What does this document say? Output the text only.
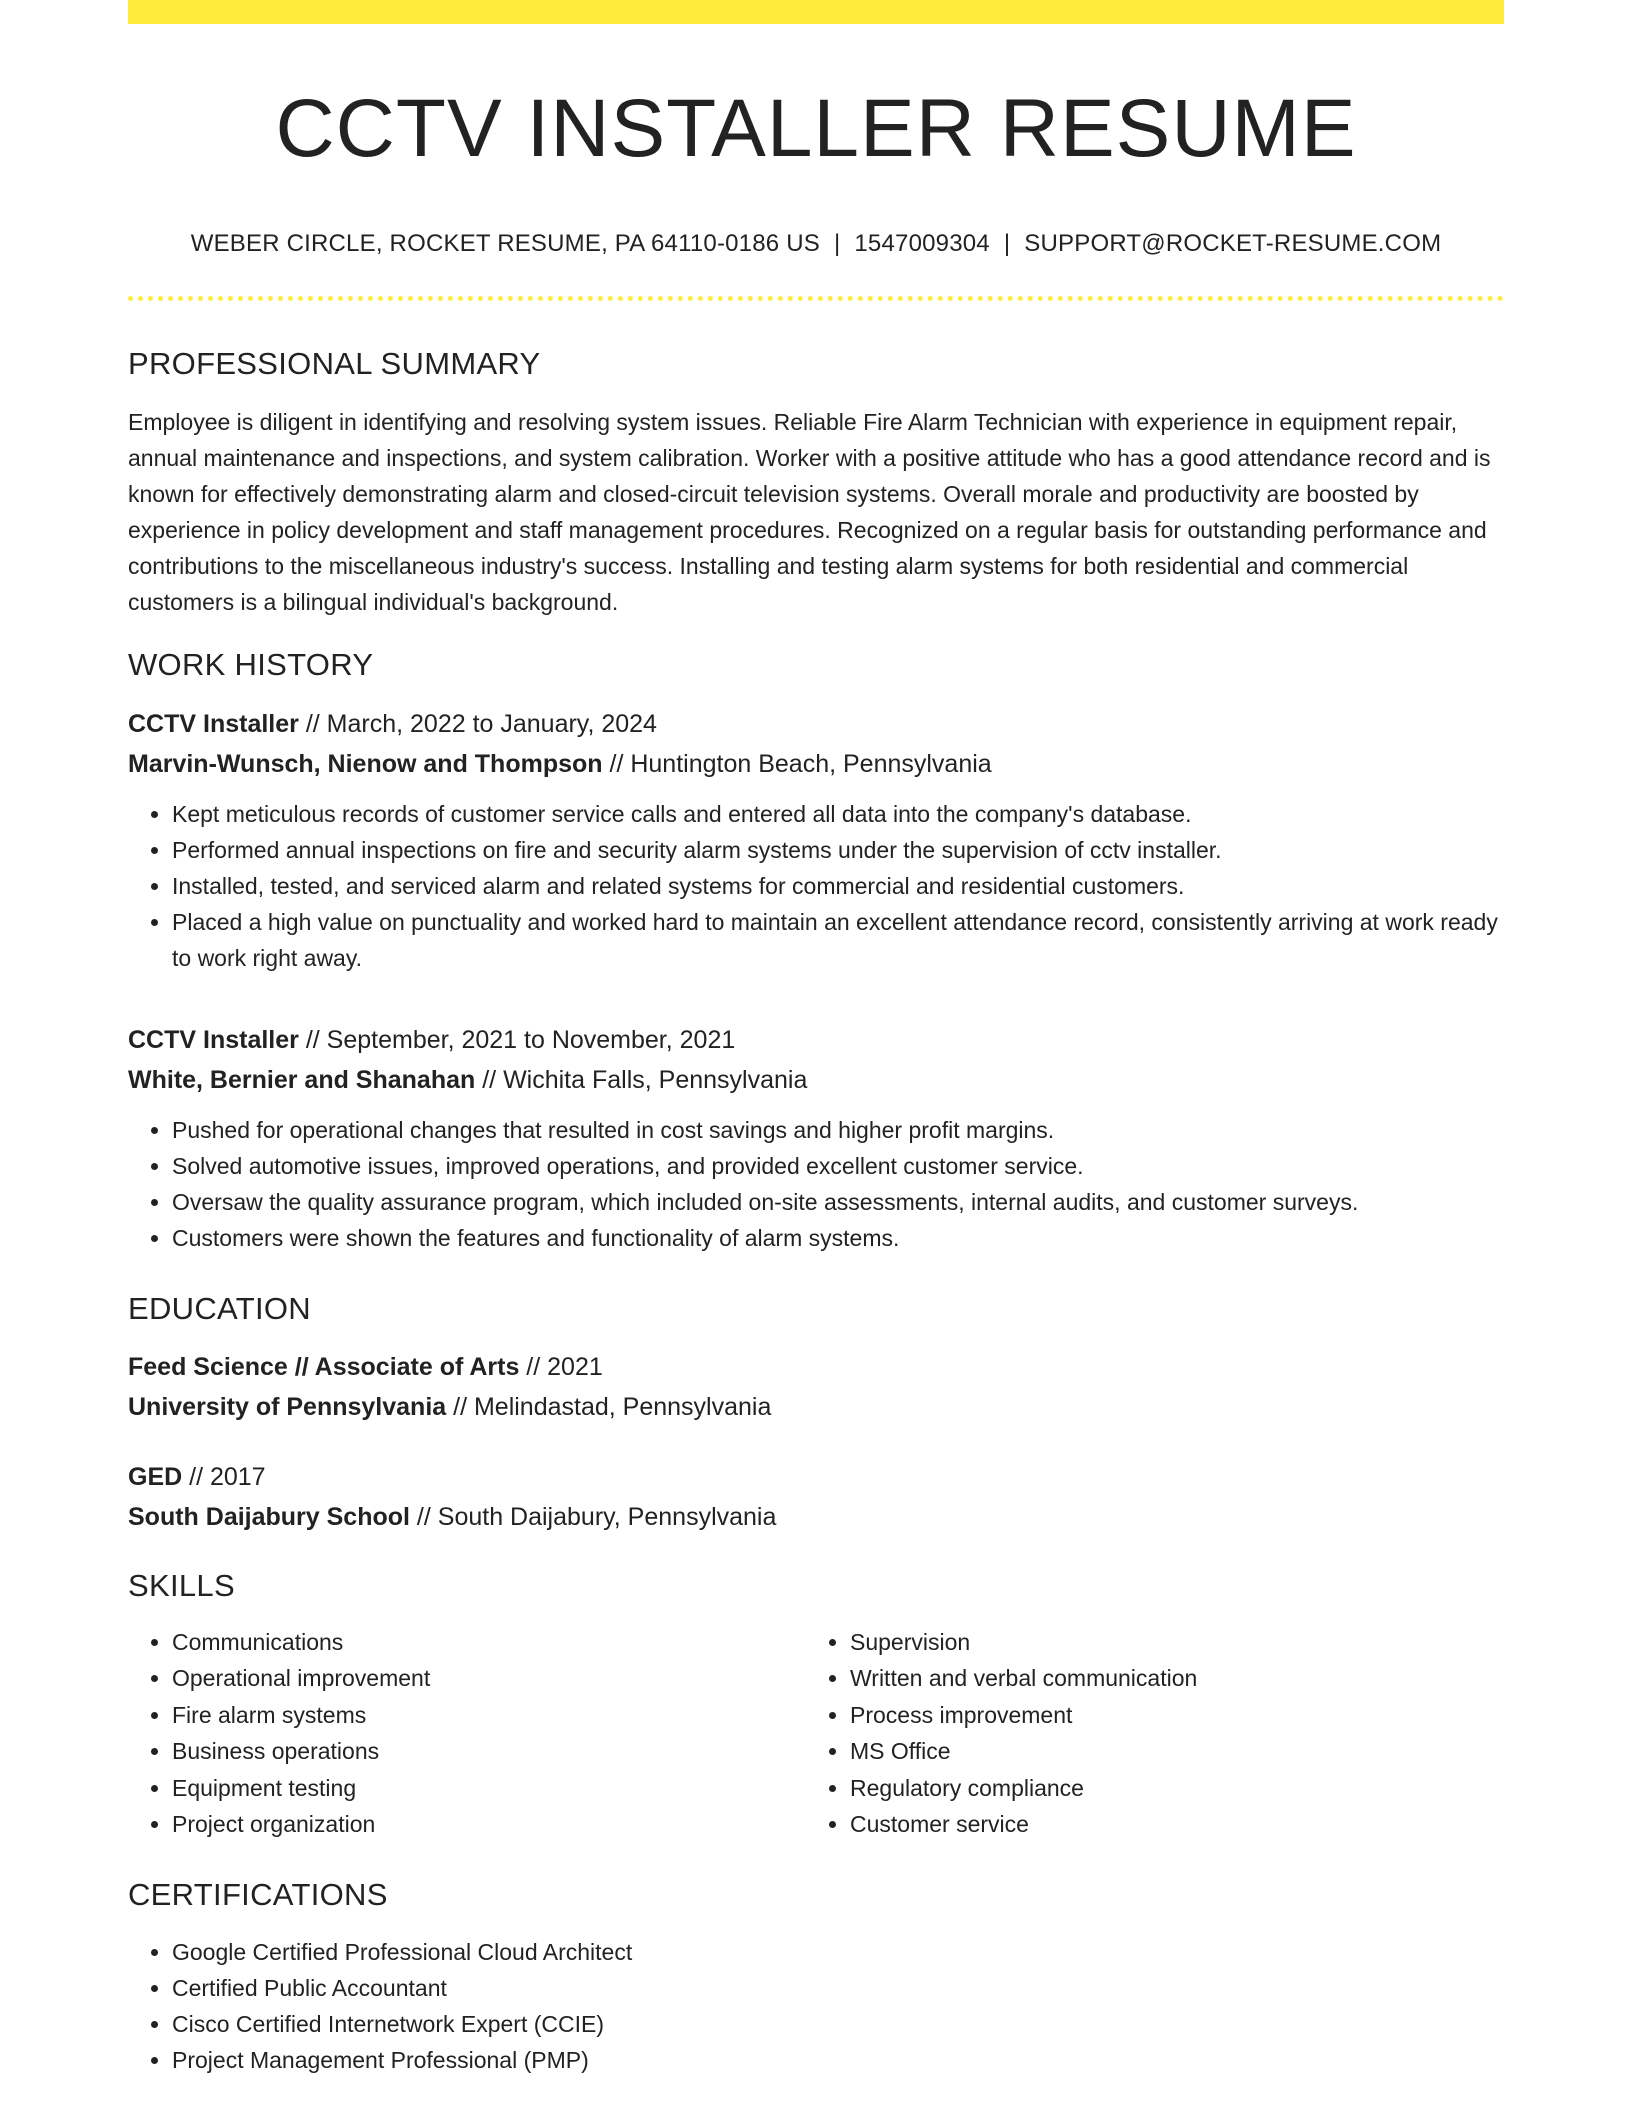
CCTV INSTALLER RESUME
WEBER CIRCLE, ROCKET RESUME, PA 64110-0186 US | 1547009304 | SUPPORT@ROCKET-RESUME.COM
PROFESSIONAL SUMMARY

Employee is diligent in identifying and resolving system issues. Reliable Fire Alarm Technician with experience in equipment repair, annual maintenance and inspections, and system calibration. Worker with a positive attitude who has a good attendance record and is known for effectively demonstrating alarm and closed-circuit television systems. Overall morale and productivity are boosted by experience in policy development and staff management procedures. Recognized on a regular basis for outstanding performance and contributions to the miscellaneous industry's success. Installing and testing alarm systems for both residential and commercial customers is a bilingual individual's background.

WORK HISTORY
CCTV Installer // March, 2022 to January, 2024
Marvin-Wunsch, Nienow and Thompson // Huntington Beach, Pennsylvania
• Kept meticulous records of customer service calls and entered all data into the company's database.
• Performed annual inspections on fire and security alarm systems under the supervision of cctv installer.
• Installed, tested, and serviced alarm and related systems for commercial and residential customers.
• Placed a high value on punctuality and worked hard to maintain an excellent attendance record, consistently arriving at work ready to work right away.
CCTV Installer // September, 2021 to November, 2021
White, Bernier and Shanahan // Wichita Falls, Pennsylvania
• Pushed for operational changes that resulted in cost savings and higher profit margins.
• Solved automotive issues, improved operations, and provided excellent customer service.
• Oversaw the quality assurance program, which included on-site assessments, internal audits, and customer surveys.
• Customers were shown the features and functionality of alarm systems.
EDUCATION
Feed Science // Associate of Arts // 2021
University of Pennsylvania // Melindastad, Pennsylvania
GED // 2017
South Daijabury School // South Daijabury, Pennsylvania
SKILLS
• Communications
• Operational improvement
• Fire alarm systems
• Business operations
• Equipment testing
• Project organization
• Supervision
• Written and verbal communication
• Process improvement
• MS Office
• Regulatory compliance
• Customer service
CERTIFICATIONS
• Google Certified Professional Cloud Architect
• Certified Public Accountant
• Cisco Certified Internetwork Expert (CCIE)
• Project Management Professional (PMP)
